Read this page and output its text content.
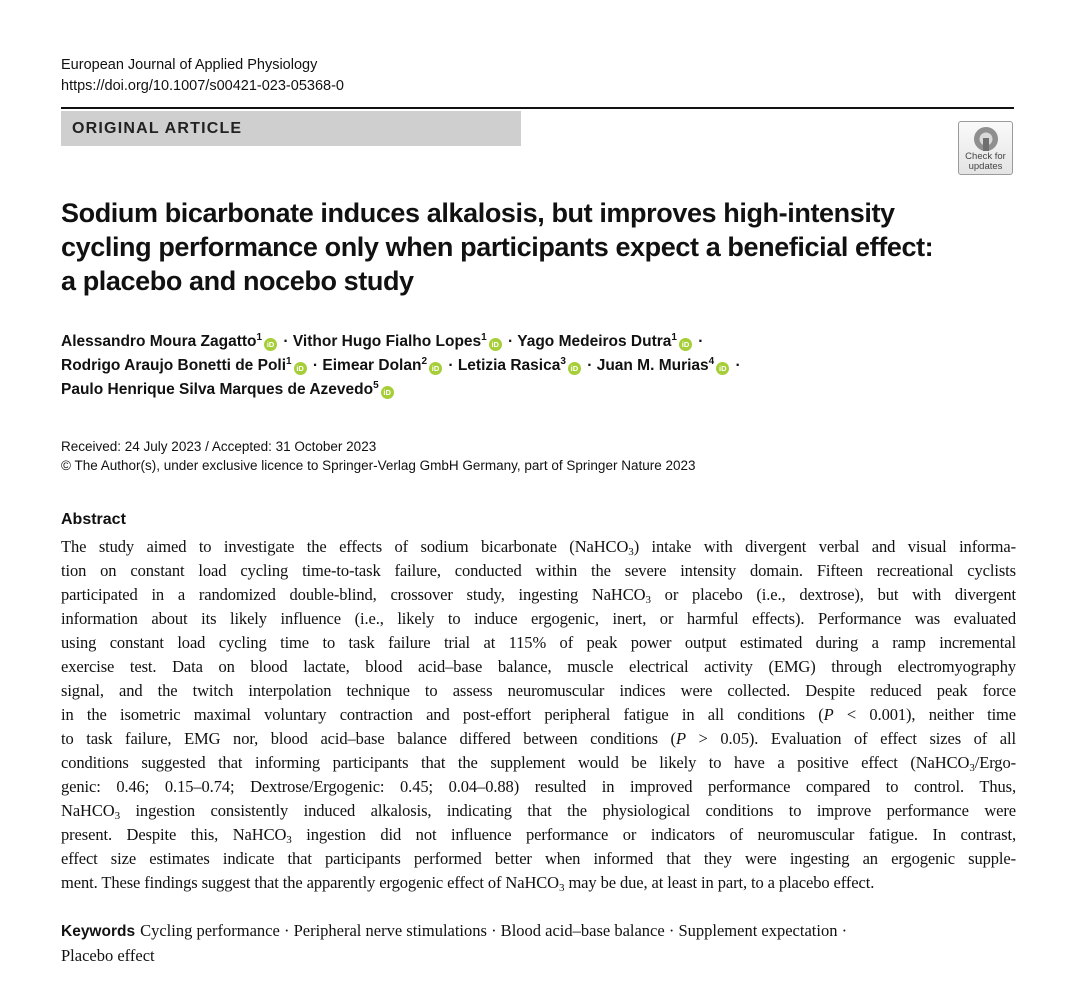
European Journal of Applied Physiology
https://doi.org/10.1007/s00421-023-05368-0
ORIGINAL ARTICLE
Check for
updates
Sodium bicarbonate induces alkalosis, but improves high-intensity
cycling performance only when participants expect a beneficial effect:
a placebo and nocebo study
Alessandro Moura Zagatto$^1$iD · Vithor Hugo Fialho Lopes$^1$iD · Yago Medeiros Dutra$^1$iD ·
Rodrigo Araujo Bonetti de Poli$^1$iD · Eimear Dolan$^2$iD · Letizia Rasica$^3$iD · Juan M. Murias$^4$iD ·
Paulo Henrique Silva Marques de Azevedo$^5$iD
Received: 24 July 2023 / Accepted: 31 October 2023
© The Author(s), under exclusive licence to Springer-Verlag GmbH Germany, part of Springer Nature 2023
Abstract
The study aimed to investigate the effects of sodium bicarbonate (NaHCO$_3$) intake with divergent verbal and visual informa-
tion on constant load cycling time-to-task failure, conducted within the severe intensity domain. Fifteen recreational cyclists
participated in a randomized double-blind, crossover study, ingesting NaHCO$_3$ or placebo (i.e., dextrose), but with divergent
information about its likely influence (i.e., likely to induce ergogenic, inert, or harmful effects). Performance was evaluated
using constant load cycling time to task failure trial at 115% of peak power output estimated during a ramp incremental
exercise test. Data on blood lactate, blood acid–base balance, muscle electrical activity (EMG) through electromyography
signal, and the twitch interpolation technique to assess neuromuscular indices were collected. Despite reduced peak force
in the isometric maximal voluntary contraction and post-effort peripheral fatigue in all conditions (P < 0.001), neither time
to task failure, EMG nor, blood acid–base balance differed between conditions (P > 0.05). Evaluation of effect sizes of all
conditions suggested that informing participants that the supplement would be likely to have a positive effect (NaHCO$_3$/Ergo-
genic: 0.46; 0.15–0.74; Dextrose/Ergogenic: 0.45; 0.04–0.88) resulted in improved performance compared to control. Thus,
NaHCO$_3$ ingestion consistently induced alkalosis, indicating that the physiological conditions to improve performance were
present. Despite this, NaHCO$_3$ ingestion did not influence performance or indicators of neuromuscular fatigue. In contrast,
effect size estimates indicate that participants performed better when informed that they were ingesting an ergogenic supple-
ment. These findings suggest that the apparently ergogenic effect of NaHCO$_3$ may be due, at least in part, to a placebo effect.
Keywords Cycling performance · Peripheral nerve stimulations · Blood acid–base balance · Supplement expectation ·
Placebo effect
